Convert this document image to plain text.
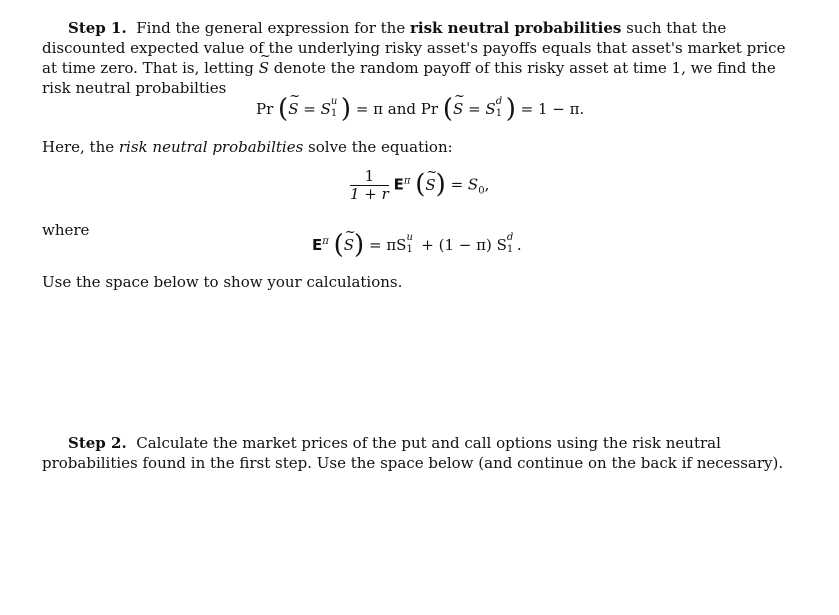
Step 1. Find the general expression for the risk neutral probabilities such that the discounted expected value of the underlying risky asset's payoffs equals that asset's market price at time zero. That is, letting ~ S denote the random payoff of this risky asset at time 1, we find the risk neutral probabilties
Pr (~ S = S u
1 ) = π and Pr (~ S = S d
1 ) = 1 − π.
Here, the risk neutral probabilties solve the equation:
$\frac{1}{1 + r} E^\pi$ (~ $S) = S_0$,
where
$E^\pi$ (~ S) = πS u
1 + (1 − π) S d
1 .
Use the space below to show your calculations.
Step 2. Calculate the market prices of the put and call options using the risk neutral probabilities found in the first step. Use the space below (and continue on the back if necessary).
